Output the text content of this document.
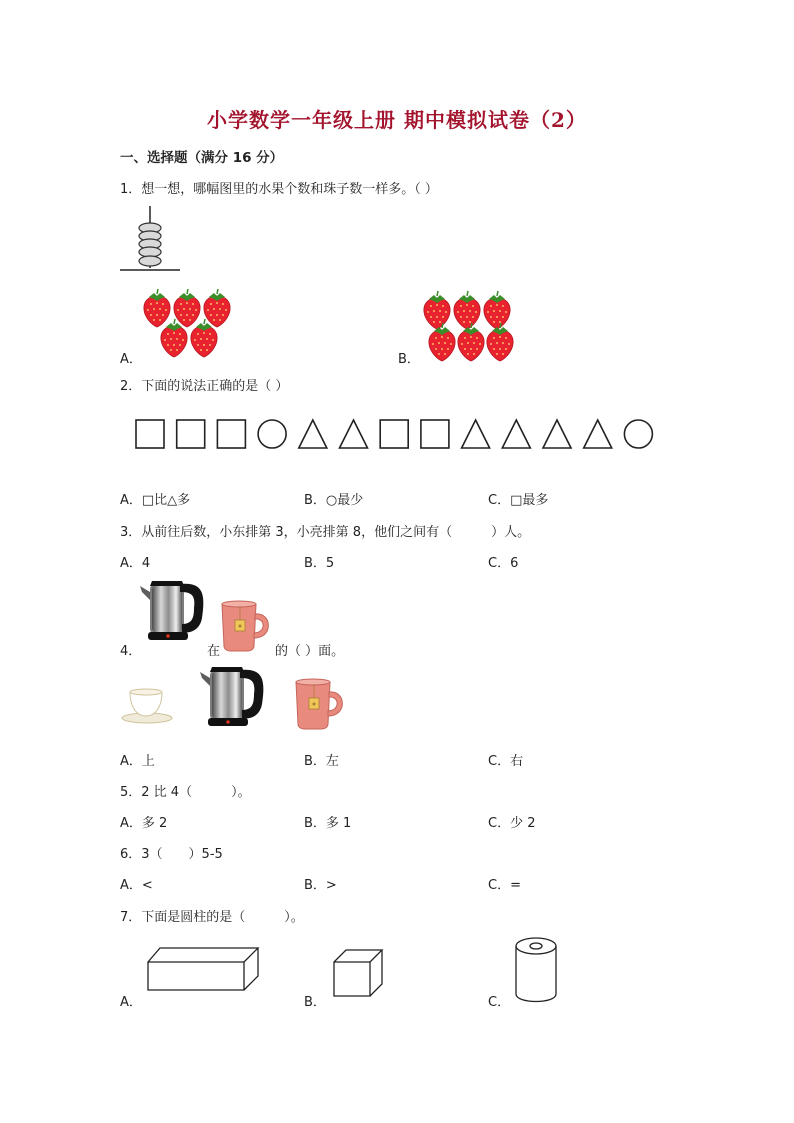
小学数学一年级上册 期中模拟试卷（2）
一、选择题（满分 16 分）
1．想一想，哪幅图里的水果个数和珠子数一样多。（ ）
A．	B．
2．下面的说法正确的是（ ）
A．□比△多	B．○最少	C．□最多
3．从前往后数，小东排第 3，小亮排第 8，他们之间有（　　　）人。
A．4	B．5	C．6
4．	在	的（ ）面。
A．上	B．左	C．右
5．2 比 4（　　　）。
A．多 2	B．多 1	C．少 2
6．3（　　）5-5
A．<	B．>	C．=
7．下面是圆柱的是（　　　）。
A．	B．	C．
